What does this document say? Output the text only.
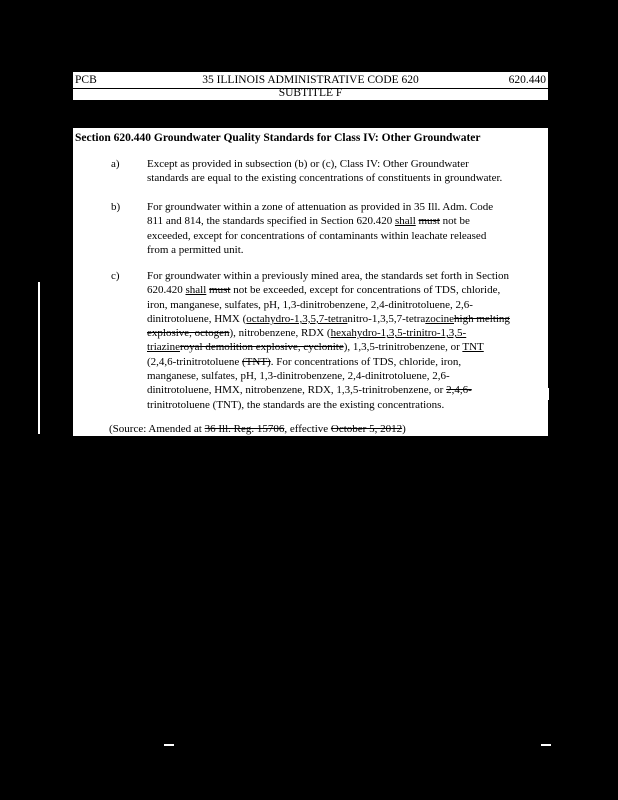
35 ILLINOIS ADMINISTRATIVE CODE 620
PCB	620.440
SUBTITLE F
Section 620.440 Groundwater Quality Standards for Class IV: Other Groundwater
a) Except as provided in subsection (b) or (c), Class IV: Other Groundwater
standards are equal to the existing concentrations of constituents in groundwater.
b) For groundwater within a zone of attenuation as provided in 35 Ill. Adm. Code
811 and 814, the standards specified in Section 620.420 shall must not be
exceeded, except for concentrations of contaminants within leachate released
from a permitted unit.
c) For groundwater within a previously mined area, the standards set forth in Section
620.420 shall must not be exceeded, except for concentrations of TDS, chloride,
iron, manganese, sulfates, pH, 1,3-dinitrobenzene, 2,4-dinitrotoluene, 2,6-
dinitrotoluene, HMX (octahydro-1,3,5,7-tetranitro-1,3,5,7-tetrazocinehigh melting
explosive, octogen), nitrobenzene, RDX (hexahydro-1,3,5-trinitro-1,3,5-
triazineroyal demolition explosive, cyclonite), 1,3,5-trinitrobenzene, or TNT
(2,4,6-trinitrotoluene (TNT). For concentrations of TDS, chloride, iron,
manganese, sulfates, pH, 1,3-dinitrobenzene, 2,4-dinitrotoluene, 2,6-
dinitrotoluene, HMX, nitrobenzene, RDX, 1,3,5-trinitrobenzene, or 2,4,6-
trinitrotoluene (TNT), the standards are the existing concentrations.
(Source: Amended at 36 Ill. Reg. 15706, effective October 5, 2012)
